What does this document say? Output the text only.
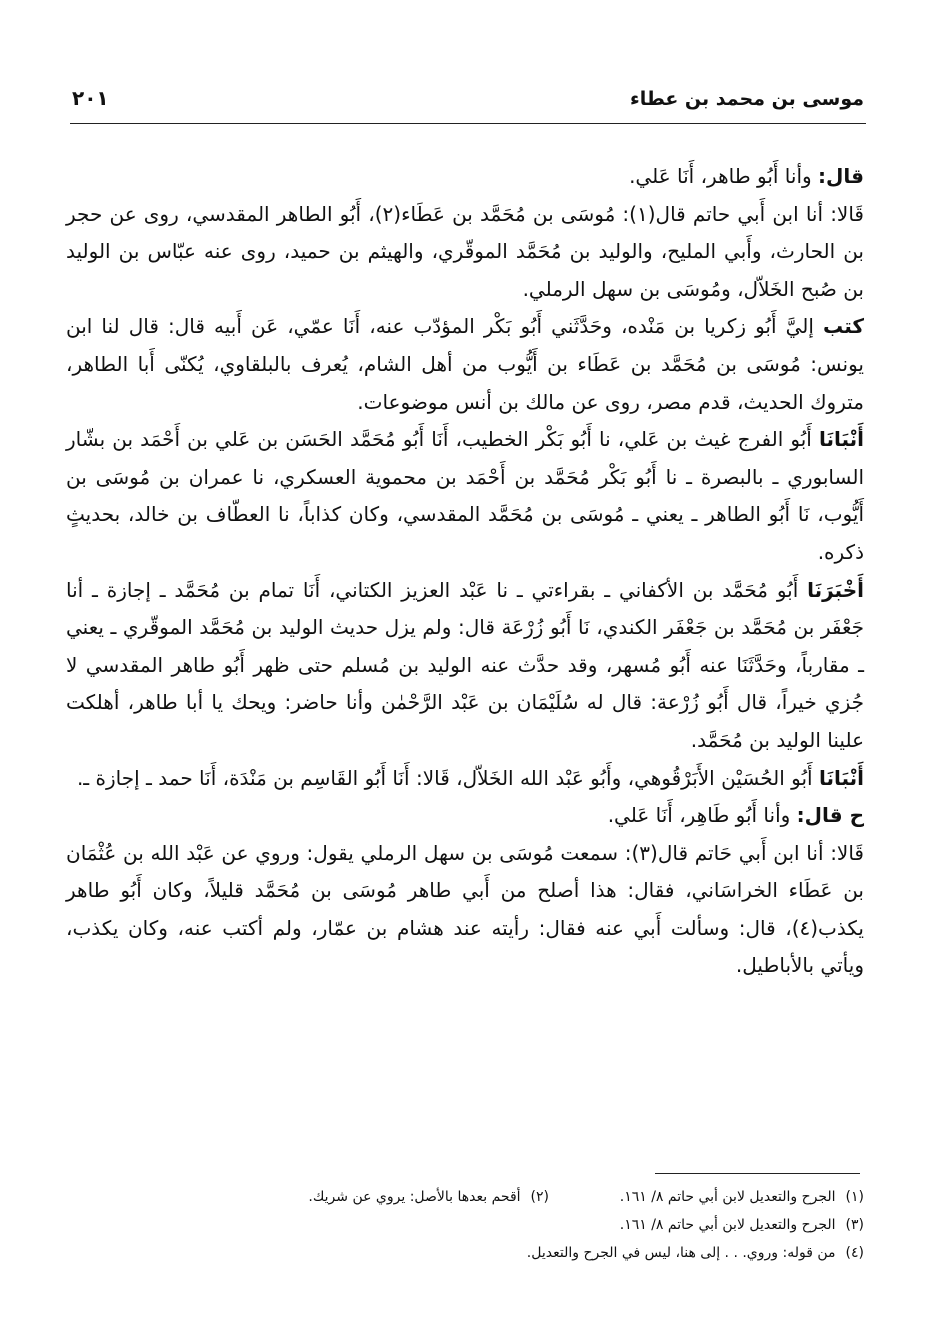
موسى بن محمد بن عطاء
٢٠١

قال: وأنا أَبُو طاهر، أَنَا عَلي.

قَالا: أنا ابن أَبي حاتم قال(١): مُوسَى بن مُحَمَّد بن عَطَاء(٢)، أَبُو الطاهر المقدسي، روى عن حجر بن الحارث، وأَبي المليح، والوليد بن مُحَمَّد الموقّري، والهيثم بن حميد، روى عنه عبّاس بن الوليد بن صُبح الخَلاّل، ومُوسَى بن سهل الرملي.

كتب إليَّ أَبُو زكريا بن مَنْده، وحَدَّثَني أَبُو بَكْر المؤدّب عنه، أَنَا عمّي، عَن أَبيه قال: قال لنا ابن يونس: مُوسَى بن مُحَمَّد بن عَطَاء بن أَيُّوب من أهل الشام، يُعرف بالبلقاوي، يُكنّى أَبا الطاهر، متروك الحديث، قدم مصر، روى عن مالك بن أنس موضوعات.

أَنْبَانَا أَبُو الفرج غيث بن عَلي، نا أَبُو بَكْر الخطيب، أَنَا أَبُو مُحَمَّد الحَسَن بن عَلي بن أَحْمَد بن بشّار السابوري ـ بالبصرة ـ نا أَبُو بَكْر مُحَمَّد بن أَحْمَد بن محموية العسكري، نا عمران بن مُوسَى بن أَيُّوب، نَا أَبُو الطاهر ـ يعني ـ مُوسَى بن مُحَمَّد المقدسي، وكان كذاباً، نا العطّاف بن خالد، بحديثٍ ذكره.

أَخْبَرَنَا أَبُو مُحَمَّد بن الأكفاني ـ بقراءتي ـ نا عَبْد العزيز الكتاني، أَنَا تمام بن مُحَمَّد ـ إجازة ـ أنا جَعْفَر بن مُحَمَّد بن جَعْفَر الكندي، نَا أَبُو زُرْعَة قال: ولم يزل حديث الوليد بن مُحَمَّد الموقّري ـ يعني ـ مقارباً، وحَدَّثَنَا عنه أَبُو مُسهر، وقد حدَّث عنه الوليد بن مُسلم حتى ظهر أَبُو طاهر المقدسي لا جُزي خيراً، قال أَبُو زُرْعة: قال له سُلَيْمَان بن عَبْد الرَّحْمٰن وأنا حاضر: ويحك يا أبا طاهر، أهلكت علينا الوليد بن مُحَمَّد.

أَنْبَانَا أَبُو الحُسَيْن الأَبَرْقُوهي، وأَبُو عَبْد الله الخَلاّل، قَالا: أَنَا أَبُو القَاسِم بن مَنْدَة، أَنَا حمد ـ إجازة ـ.

ح قال: وأنا أَبُو طَاهِر، أَنَا عَلي.

قَالا: أنا ابن أَبي حَاتم قال(٣): سمعت مُوسَى بن سهل الرملي يقول: وروي عن عَبْد الله بن عُثْمَان بن عَطَاء الخراسَاني، فقال: هذا أصلح من أَبي طاهر مُوسَى بن مُحَمَّد قليلاً، وكان أَبُو طاهر يكذب(٤)، قال: وسألت أَبي عنه فقال: رأيته عند هشام بن عمّار، ولم أكتب عنه، وكان يكذب، ويأتي بالأباطيل.

(١)الجرح والتعديل لابن أبي حاتم ٨/ ١٦١.
(٢)أقحم بعدها بالأصل: يروي عن شريك.
(٣)الجرح والتعديل لابن أبي حاتم ٨/ ١٦١.
(٤)من قوله: وروي. . . إلى هنا، ليس في الجرح والتعديل.
